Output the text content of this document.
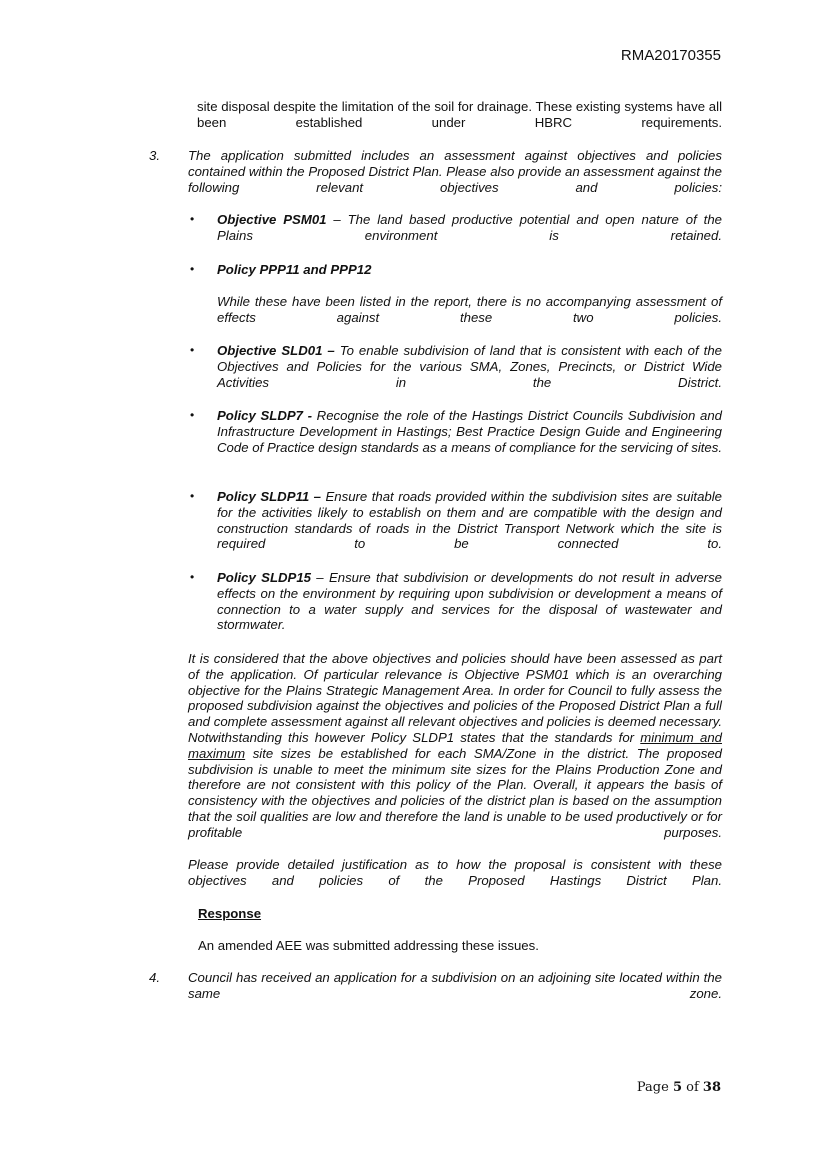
RMA20170355

site disposal despite the limitation of the soil for drainage. These existing systems have all been established under HBRC requirements.

3. The application submitted includes an assessment against objectives and policies contained within the Proposed District Plan. Please also provide an assessment against the following relevant objectives and policies:

• Objective PSM01 – The land based productive potential and open nature of the Plains environment is retained.

• Policy PPP11 and PPP12

While these have been listed in the report, there is no accompanying assessment of effects against these two policies.

• Objective SLD01 – To enable subdivision of land that is consistent with each of the Objectives and Policies for the various SMA, Zones, Precincts, or District Wide Activities in the District.

• Policy SLDP7 - Recognise the role of the Hastings District Councils Subdivision and Infrastructure Development in Hastings; Best Practice Design Guide and Engineering Code of Practice design standards as a means of compliance for the servicing of sites.

• Policy SLDP11 – Ensure that roads provided within the subdivision sites are suitable for the activities likely to establish on them and are compatible with the design and construction standards of roads in the District Transport Network which the site is required to be connected to.

• Policy SLDP15 – Ensure that subdivision or developments do not result in adverse effects on the environment by requiring upon subdivision or development a means of connection to a water supply and services for the disposal of wastewater and stormwater.

It is considered that the above objectives and policies should have been assessed as part of the application. Of particular relevance is Objective PSM01 which is an overarching objective for the Plains Strategic Management Area. In order for Council to fully assess the proposed subdivision against the objectives and policies of the Proposed District Plan a full and complete assessment against all relevant objectives and policies is deemed necessary. Notwithstanding this however Policy SLDP1 states that the standards for minimum and maximum site sizes be established for each SMA/Zone in the district. The proposed subdivision is unable to meet the minimum site sizes for the Plains Production Zone and therefore are not consistent with this policy of the Plan. Overall, it appears the basis of consistency with the objectives and policies of the district plan is based on the assumption that the soil qualities are low and therefore the land is unable to be used productively or for profitable purposes.

Please provide detailed justification as to how the proposal is consistent with these objectives and policies of the Proposed Hastings District Plan.

Response

An amended AEE was submitted addressing these issues.

4. Council has received an application for a subdivision on an adjoining site located within the same zone.

Page 5 of 38
